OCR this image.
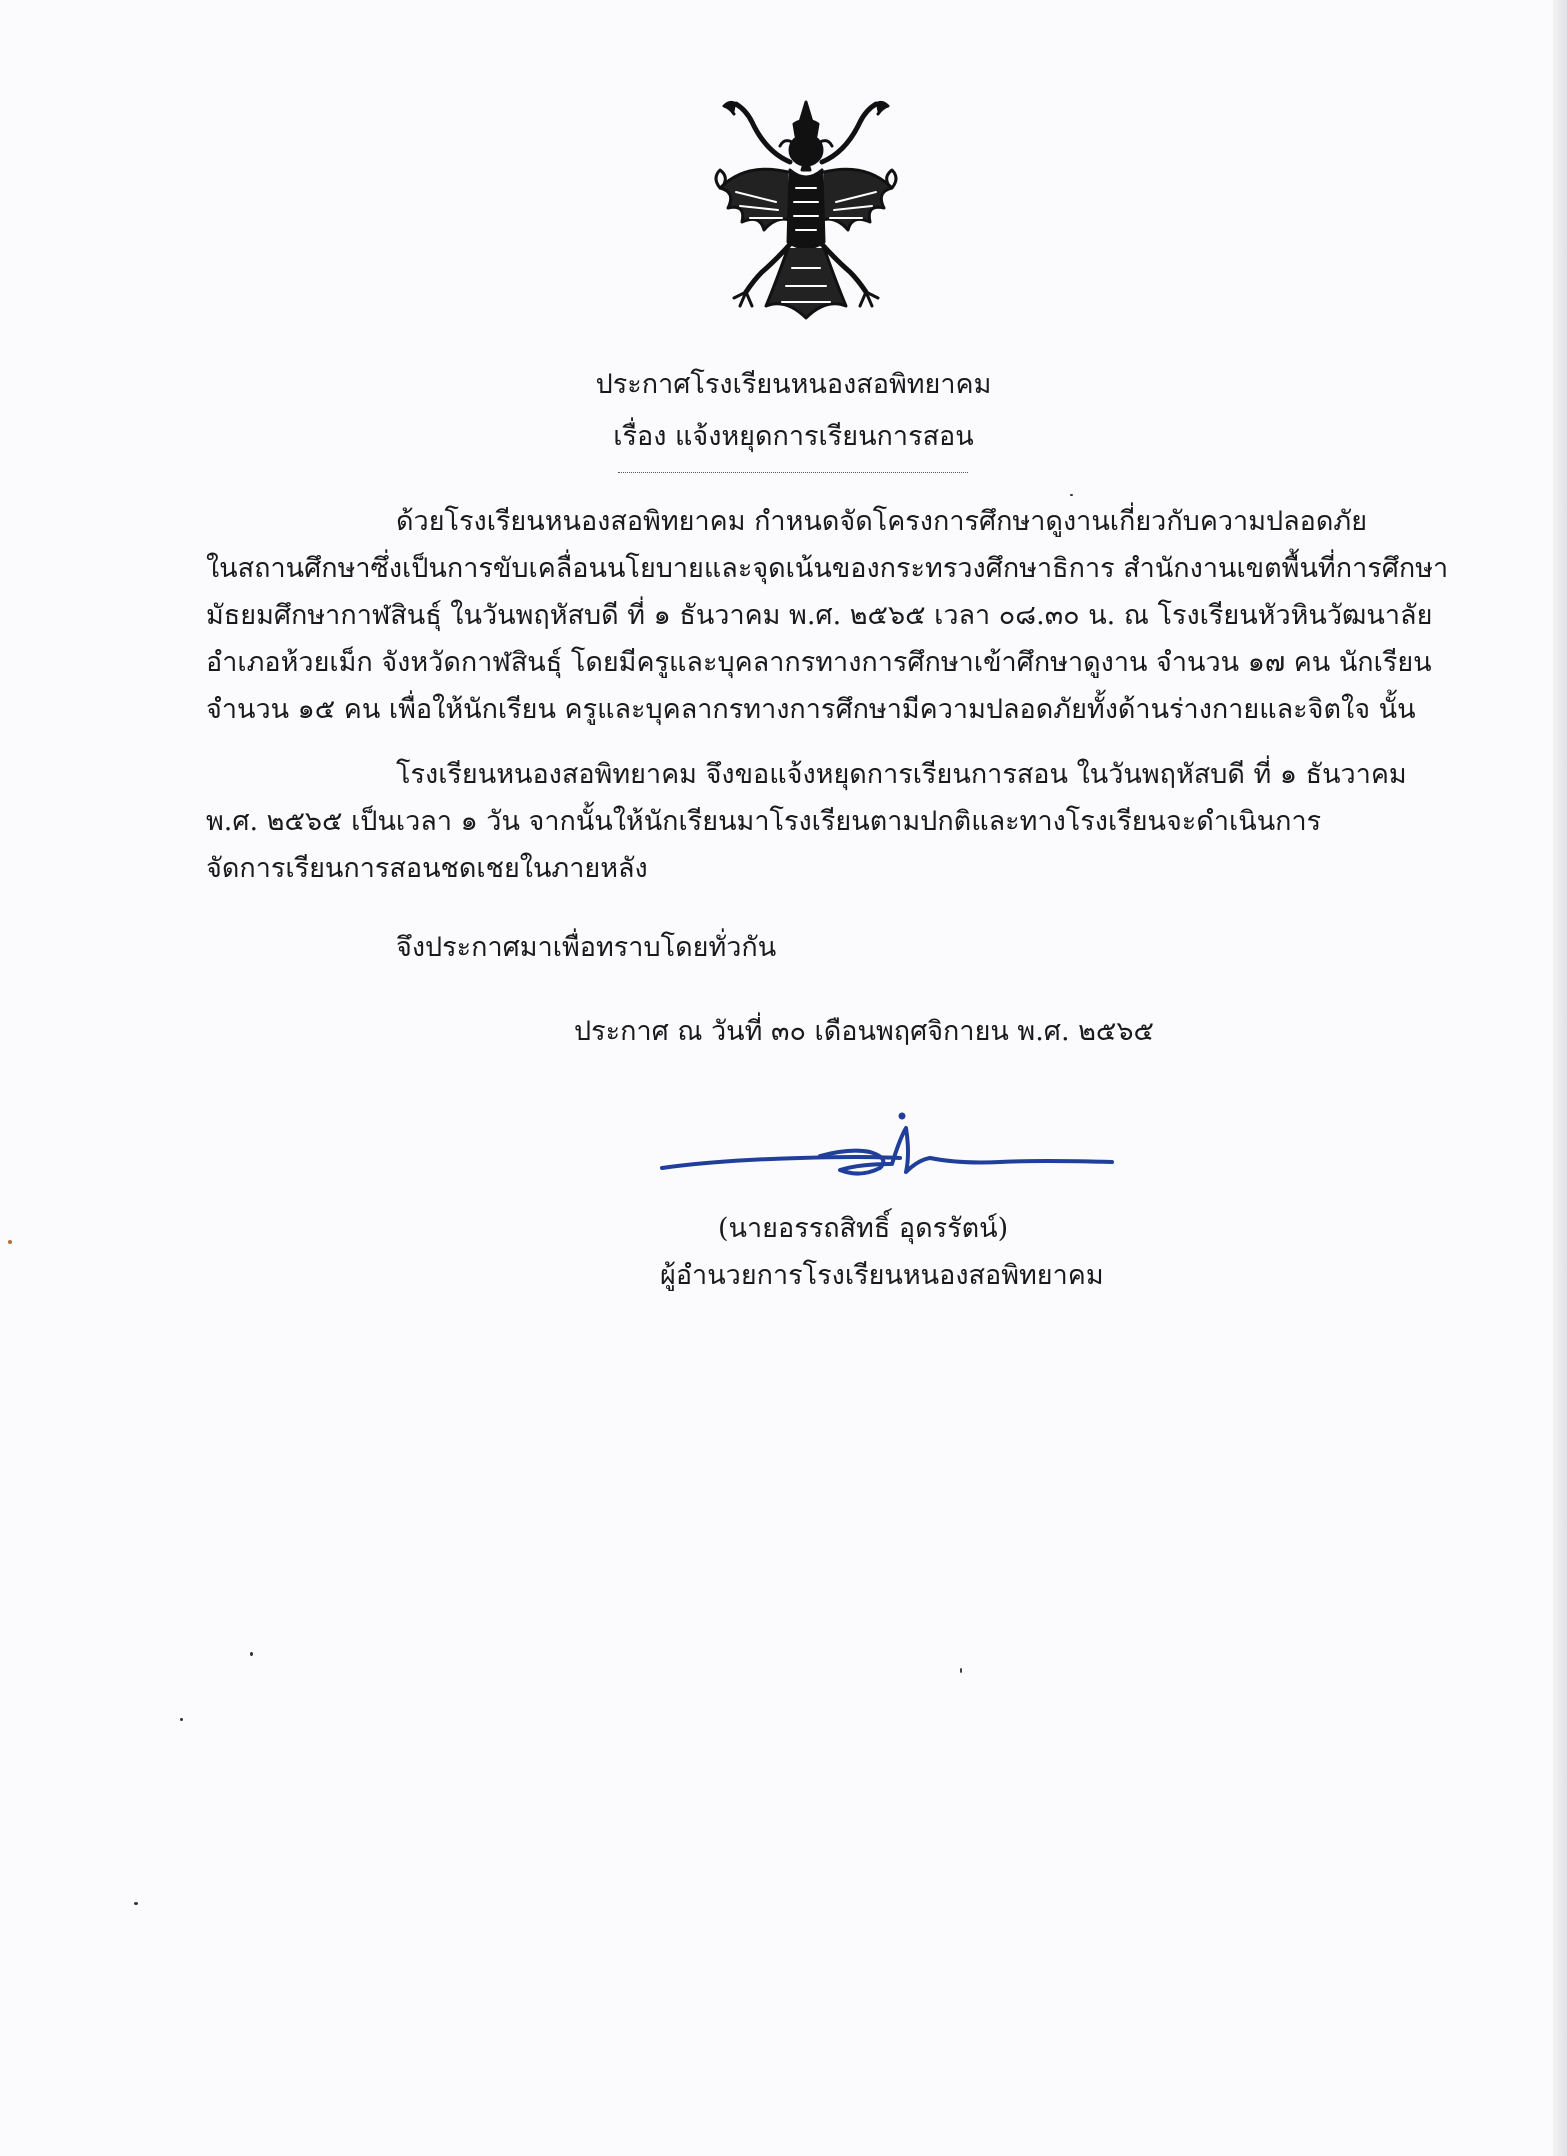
ประกาศโรงเรียนหนองสอพิทยาคม
เรื่อง แจ้งหยุดการเรียนการสอน
ด้วยโรงเรียนหนองสอพิทยาคม กำหนดจัดโครงการศึกษาดูงานเกี่ยวกับความปลอดภัย
ในสถานศึกษาซึ่งเป็นการขับเคลื่อนนโยบายและจุดเน้นของกระทรวงศึกษาธิการ สำนักงานเขตพื้นที่การศึกษา
มัธยมศึกษากาฬสินธุ์ ในวันพฤหัสบดี ที่ ๑ ธันวาคม พ.ศ. ๒๕๖๕ เวลา ๐๘.๓๐ น. ณ โรงเรียนหัวหินวัฒนาลัย
อำเภอห้วยเม็ก จังหวัดกาฬสินธุ์ โดยมีครูและบุคลากรทางการศึกษาเข้าศึกษาดูงาน จำนวน ๑๗ คน นักเรียน
จำนวน ๑๕ คน เพื่อให้นักเรียน ครูและบุคลากรทางการศึกษามีความปลอดภัยทั้งด้านร่างกายและจิตใจ นั้น
โรงเรียนหนองสอพิทยาคม จึงขอแจ้งหยุดการเรียนการสอน ในวันพฤหัสบดี ที่ ๑ ธันวาคม
พ.ศ. ๒๕๖๕ เป็นเวลา ๑ วัน จากนั้นให้นักเรียนมาโรงเรียนตามปกติและทางโรงเรียนจะดำเนินการ
จัดการเรียนการสอนชดเชยในภายหลัง
จึงประกาศมาเพื่อทราบโดยทั่วกัน
ประกาศ ณ วันที่ ๓๐ เดือนพฤศจิกายน พ.ศ. ๒๕๖๕
(นายอรรถสิทธิ์ อุดรรัตน์)
ผู้อำนวยการโรงเรียนหนองสอพิทยาคม
